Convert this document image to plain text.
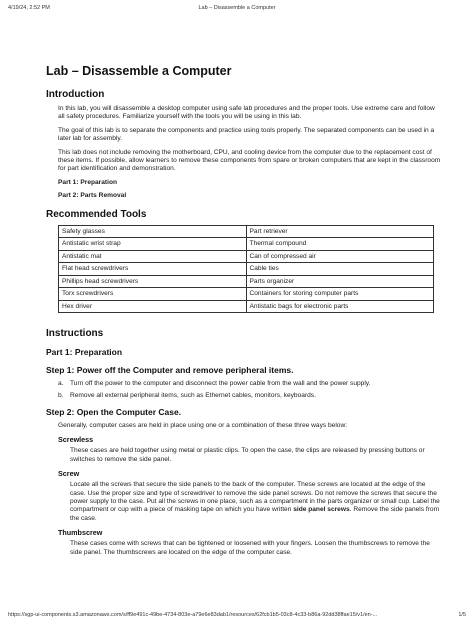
4/19/24, 2:52 PM	Lab – Disassemble a Computer
Lab – Disassemble a Computer
Introduction

In this lab, you will disassemble a desktop computer using safe lab procedures and the proper tools. Use extreme care and follow all safety procedures. Familiarize yourself with the tools you will be using in this lab.

The goal of this lab is to separate the components and practice using tools properly. The separated components can be used in a later lab for assembly.

This lab does not include removing the motherboard, CPU, and cooling device from the computer due to the replacement cost of these items. If possible, allow learners to remove these components from spare or broken computers that are kept in the classroom for part identification and demonstration.

Part 1: Preparation

Part 2: Parts Removal

Recommended Tools
Safety glasses	Part retriever
Antistatic wrist strap	Thermal compound
Antistatic mat	Can of compressed air
Flat head screwdrivers	Cable ties
Phillips head screwdrivers	Parts organizer
Torx screwdrivers	Containers for storing computer parts
Hex driver	Antistatic bags for electronic parts
Instructions
Part 1: Preparation
Step 1: Power off the Computer and remove peripheral items.
a. Turn off the power to the computer and disconnect the power cable from the wall and the power supply.
b. Remove all external peripheral items, such as Ethernet cables, monitors, keyboards.
Step 2: Open the Computer Case.

Generally, computer cases are held in place using one or a combination of these three ways below:

Screwless

These cases are held together using metal or plastic clips. To open the case, the clips are released by pressing buttons or switches to remove the side panel.

Screw

Locate all the screws that secure the side panels to the back of the computer. These screws are located at the edge of the case. Use the proper size and type of screwdriver to remove the side panel screws. Do not remove the screws that secure the power supply to the case. Put all the screws in one place, such as a compartment in the parts organizer or small cup. Label the compartment or cup with a piece of masking tape on which you have written side panel screws. Remove the side panels from the case.

Thumbscrew

These cases come with screws that can be tightened or loosened with your fingers. Loosen the thumbscrews to remove the side panel. The thumbscrews are located on the edge of the computer case.

https://sgp-ui-components.s3.amazonaws.com/s/ff9e491c-49be-4734-803e-a79e6e83dab1/resources/62fcb1b5-03c8-4c33-b86a-92dd38ffae15/v1/en-...	1/5
